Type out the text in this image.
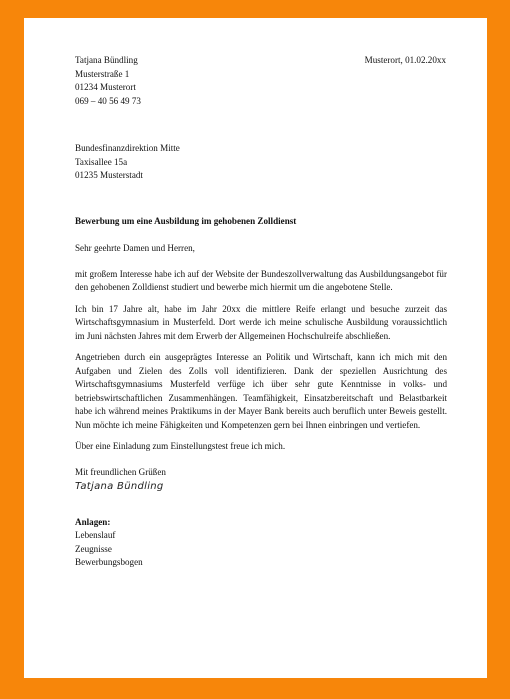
Musterort, 01.02.20xx
Tatjana Bündling
Musterstraße 1
01234 Musterort
069 – 40 56 49 73
Bundesfinanzdirektion Mitte
Taxisallee 15a
01235 Musterstadt
Bewerbung um eine Ausbildung im gehobenen Zolldienst
Sehr geehrte Damen und Herren,

mit großem Interesse habe ich auf der Website der Bundeszollverwaltung das Ausbildungsangebot für den gehobenen Zolldienst studiert und bewerbe mich hiermit um die angebotene Stelle.

Ich bin 17 Jahre alt, habe im Jahr 20xx die mittlere Reife erlangt und besuche zurzeit das Wirtschaftsgymnasium in Musterfeld. Dort werde ich meine schulische Ausbildung voraussichtlich im Juni nächsten Jahres mit dem Erwerb der Allgemeinen Hochschulreife abschließen.

Angetrieben durch ein ausgeprägtes Interesse an Politik und Wirtschaft, kann ich mich mit den Aufgaben und Zielen des Zolls voll identifizieren. Dank der speziellen Ausrichtung des Wirtschaftsgymnasiums Musterfeld verfüge ich über sehr gute Kenntnisse in volks- und betriebswirtschaftlichen Zusammenhängen. Teamfähigkeit, Einsatzbereitschaft und Belastbarkeit habe ich während meines Praktikums in der Mayer Bank bereits auch beruflich unter Beweis gestellt. Nun möchte ich meine Fähigkeiten und Kompetenzen gern bei Ihnen einbringen und vertiefen.

Über eine Einladung zum Einstellungstest freue ich mich.

Mit freundlichen Grüßen
Tatjana Bündling
Anlagen:
Lebenslauf
Zeugnisse
Bewerbungsbogen
